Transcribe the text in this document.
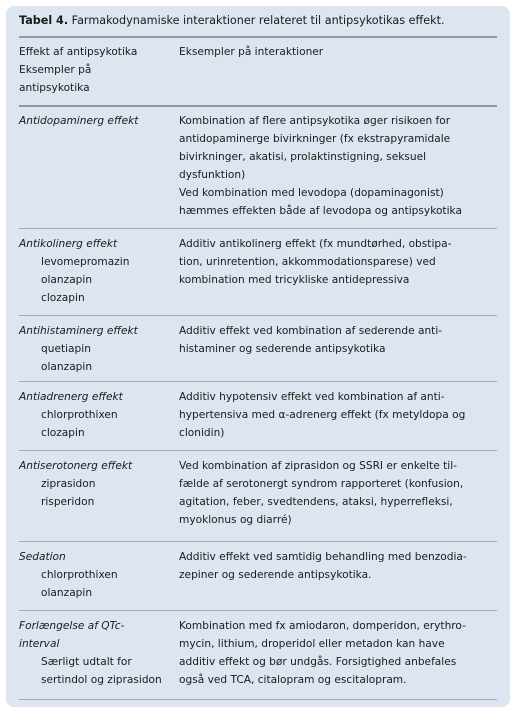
Tabel 4. Farmakodynamiske interaktioner relateret til antipsykotikas effekt.
Effekt af antipsykotika
Eksempler på
antipsykotika
Eksempler på interaktioner
Antidopaminerg effekt	Kombination af flere antipsykotika øger risikoen for
antidopaminerge bivirkninger (fx ekstrapyramidale
bivirkninger, akatisi, prolaktinstigning, seksuel
dysfunktion)
Ved kombination med levodopa (dopaminagonist)
hæmmes effekten både af levodopa og antipsykotika
Antikolinerg effekt
levomepromazin
olanzapin
clozapin
Additiv antikolinerg effekt (fx mundtørhed, obstipa-
tion, urinretention, akkommodationsparese) ved
kombination med tricykliske antidepressiva
Antihistaminerg effekt
quetiapin
olanzapin
Additiv effekt ved kombination af sederende anti-
histaminer og sederende antipsykotika
Antiadrenerg effekt
chlorprothixen
clozapin
Additiv hypotensiv effekt ved kombination af anti-
hypertensiva med α-adrenerg effekt (fx metyldopa og
clonidin)
Antiserotonerg effekt
ziprasidon
risperidon
Ved kombination af ziprasidon og SSRI er enkelte til-
fælde af serotonergt syndrom rapporteret (konfusion,
agitation, feber, svedtendens, ataksi, hyperrefleksi,
myoklonus og diarré)
Sedation
chlorprothixen
olanzapin
Additiv effekt ved samtidig behandling med benzodia-
zepiner og sederende antipsykotika.
Forlængelse af QTc-
interval
Særligt udtalt for
sertindol og ziprasidon
Kombination med fx amiodaron, domperidon, erythro-
mycin, lithium, droperidol eller metadon kan have
additiv effekt og bør undgås. Forsigtighed anbefales
også ved TCA, citalopram og escitalopram.
